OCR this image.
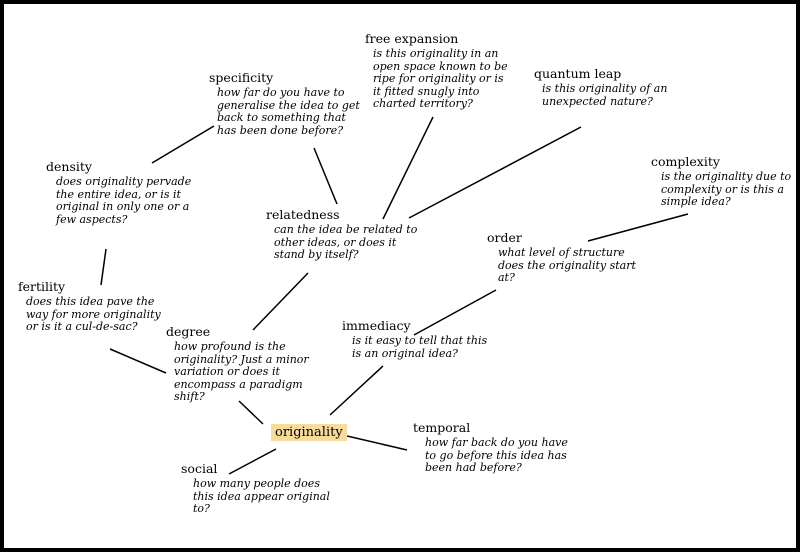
free expansion
is this originality in an
open space known to be
ripe for originality or is
it fitted snugly into
charted territory?
quantum leap
is this originality of an
unexpected nature?
specificity
how far do you have to
generalise the idea to get
back to something that
has been done before?
density
does originality pervade
the entire idea, or is it
original in only one or a
few aspects?
complexity
is the originality due to
complexity or is this a
simple idea?
relatedness
can the idea be related to
other ideas, or does it
stand by itself?
order
what level of structure
does the originality start
at?
fertility
does this idea pave the
way for more originality
or is it a cul-de-sac?	degree
how profound is the
originality? Just a minor
variation or does it
encompass a paradigm
shift?
immediacy
is it easy to tell that this
is an original idea?
originality	temporal
how far back do you have
to go before this idea has
been had before?
social
how many people does
this idea appear original
to?
